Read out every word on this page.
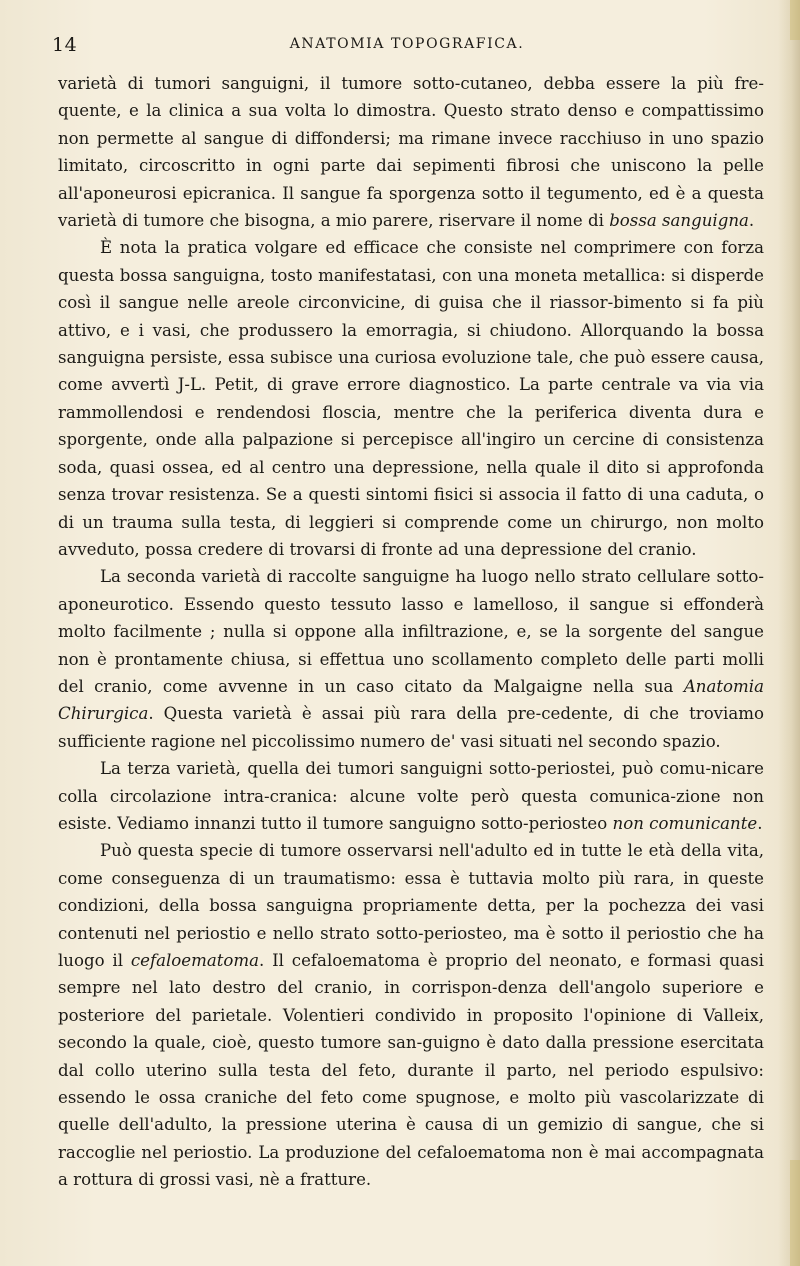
14	ANATOMIA TOPOGRAFICA.

varietà di tumori sanguigni, il tumore sotto-cutaneo, debba essere la più fre-quente, e la clinica a sua volta lo dimostra. Questo strato denso e compattissimo non permette al sangue di diffondersi; ma rimane invece racchiuso in uno spazio limitato, circoscritto in ogni parte dai sepimenti fibrosi che uniscono la pelle all'aponeurosi epicranica. Il sangue fa sporgenza sotto il tegumento, ed è a questa varietà di tumore che bisogna, a mio parere, riservare il nome di bossa sanguigna.

È nota la pratica volgare ed efficace che consiste nel comprimere con forza questa bossa sanguigna, tosto manifestatasi, con una moneta metallica: si disperde così il sangue nelle areole circonvicine, di guisa che il riassor-bimento si fa più attivo, e i vasi, che produssero la emorragia, si chiudono. Allorquando la bossa sanguigna persiste, essa subisce una curiosa evoluzione tale, che può essere causa, come avvertì J-L. Petit, di grave errore diagnostico. La parte centrale va via via rammollendosi e rendendosi floscia, mentre che la periferica diventa dura e sporgente, onde alla palpazione si percepisce all'ingiro un cercine di consistenza soda, quasi ossea, ed al centro una depressione, nella quale il dito si approfonda senza trovar resistenza. Se a questi sintomi fisici si associa il fatto di una caduta, o di un trauma sulla testa, di leggieri si comprende come un chirurgo, non molto avveduto, possa credere di trovarsi di fronte ad una depressione del cranio.

La seconda varietà di raccolte sanguigne ha luogo nello strato cellulare sotto-aponeurotico. Essendo questo tessuto lasso e lamelloso, il sangue si effonderà molto facilmente ; nulla si oppone alla infiltrazione, e, se la sorgente del sangue non è prontamente chiusa, si effettua uno scollamento completo delle parti molli del cranio, come avvenne in un caso citato da Malgaigne nella sua Anatomia Chirurgica. Questa varietà è assai più rara della pre-cedente, di che troviamo sufficiente ragione nel piccolissimo numero de' vasi situati nel secondo spazio.

La terza varietà, quella dei tumori sanguigni sotto-periostei, può comu-nicare colla circolazione intra-cranica: alcune volte però questa comunica-zione non esiste. Vediamo innanzi tutto il tumore sanguigno sotto-periosteo non comunicante.

Può questa specie di tumore osservarsi nell'adulto ed in tutte le età della vita, come conseguenza di un traumatismo: essa è tuttavia molto più rara, in queste condizioni, della bossa sanguigna propriamente detta, per la pochezza dei vasi contenuti nel periostio e nello strato sotto-periosteo, ma è sotto il periostio che ha luogo il cefaloematoma. Il cefaloematoma è proprio del neonato, e formasi quasi sempre nel lato destro del cranio, in corrispon-denza dell'angolo superiore e posteriore del parietale. Volentieri condivido in proposito l'opinione di Valleix, secondo la quale, cioè, questo tumore san-guigno è dato dalla pressione esercitata dal collo uterino sulla testa del feto, durante il parto, nel periodo espulsivo: essendo le ossa craniche del feto come spugnose, e molto più vascolarizzate di quelle dell'adulto, la pressione uterina è causa di un gemizio di sangue, che si raccoglie nel periostio. La produzione del cefaloematoma non è mai accompagnata a rottura di grossi vasi, nè a fratture.
